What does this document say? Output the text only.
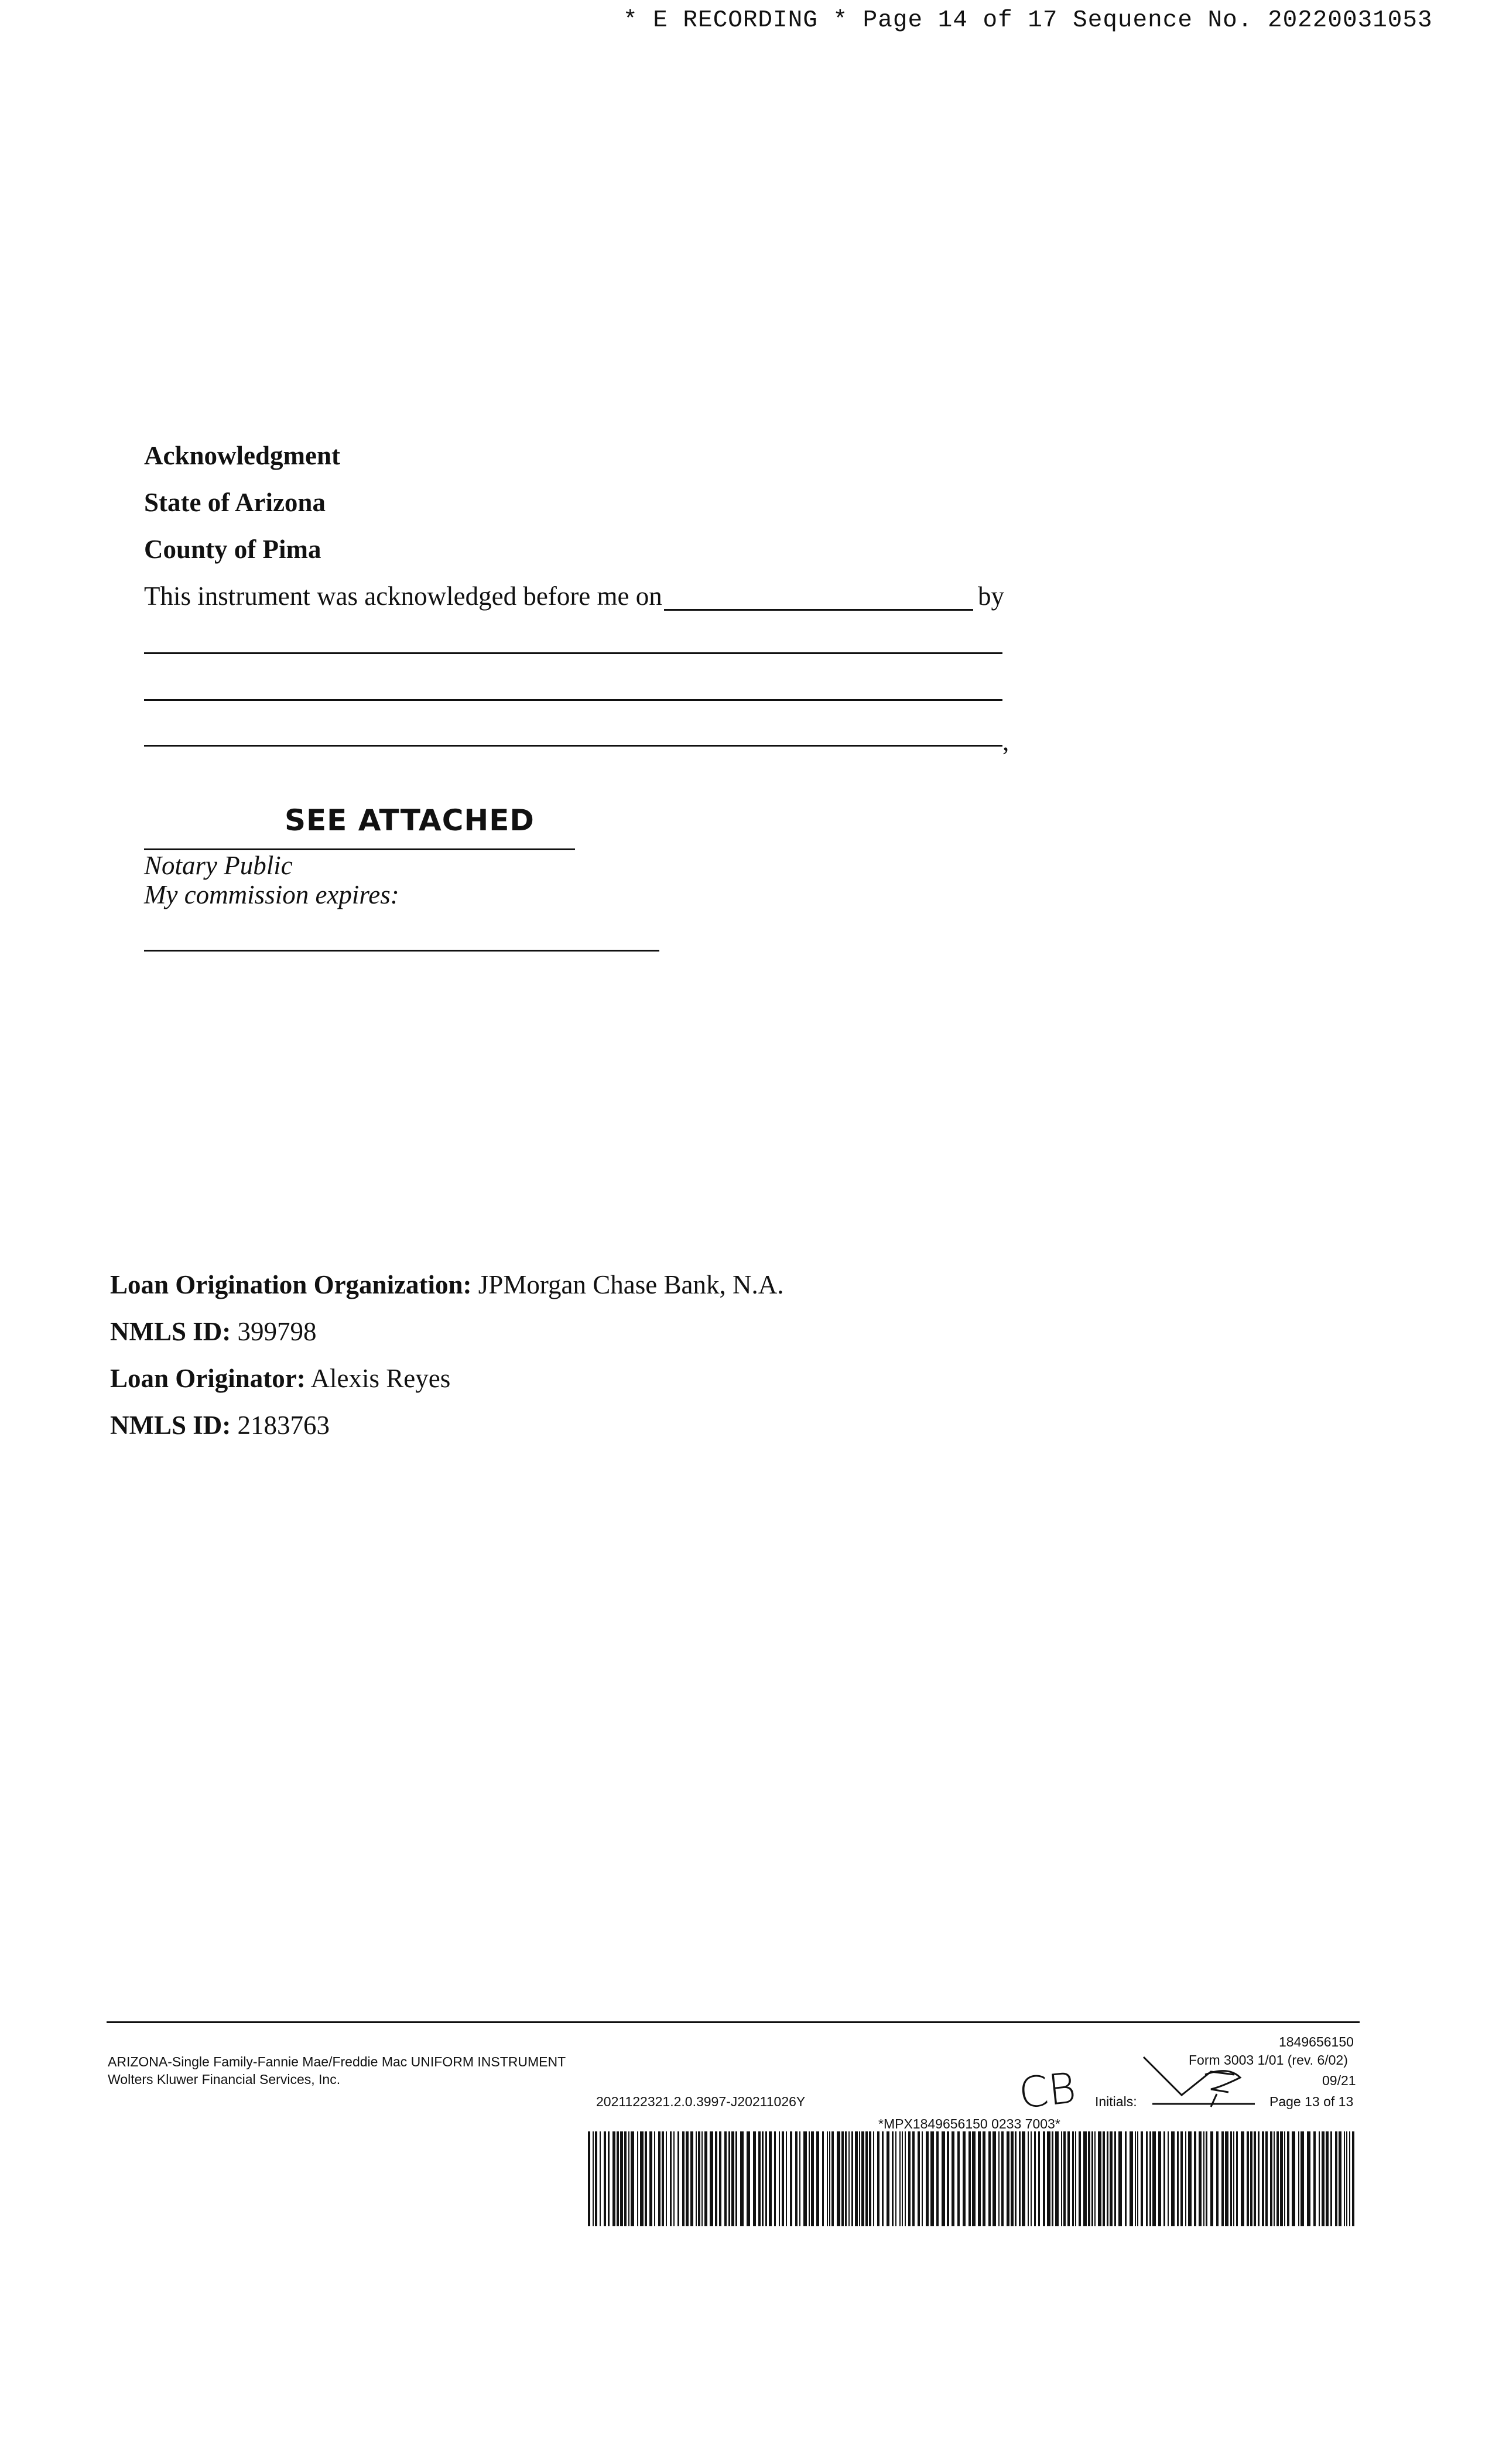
* E RECORDING * Page 14 of 17 Sequence No. 20220031053
Acknowledgment
State of Arizona
County of Pima
This instrument was acknowledged before me on	by
,
SEE ATTACHED
Notary Public
My commission expires:
Loan Origination Organization: JPMorgan Chase Bank, N.A.
NMLS ID: 399798
Loan Originator: Alexis Reyes
NMLS ID: 2183763
ARIZONA-Single Family-Fannie Mae/Freddie Mac UNIFORM INSTRUMENT
Wolters Kluwer Financial Services, Inc.
2021122321.2.0.3997-J20211026Y
1849656150
Form 3003 1/01 (rev. 6/02)
09/21
Page 13 of 13
CB Initials:
*MPX1849656150 0233 7003*
